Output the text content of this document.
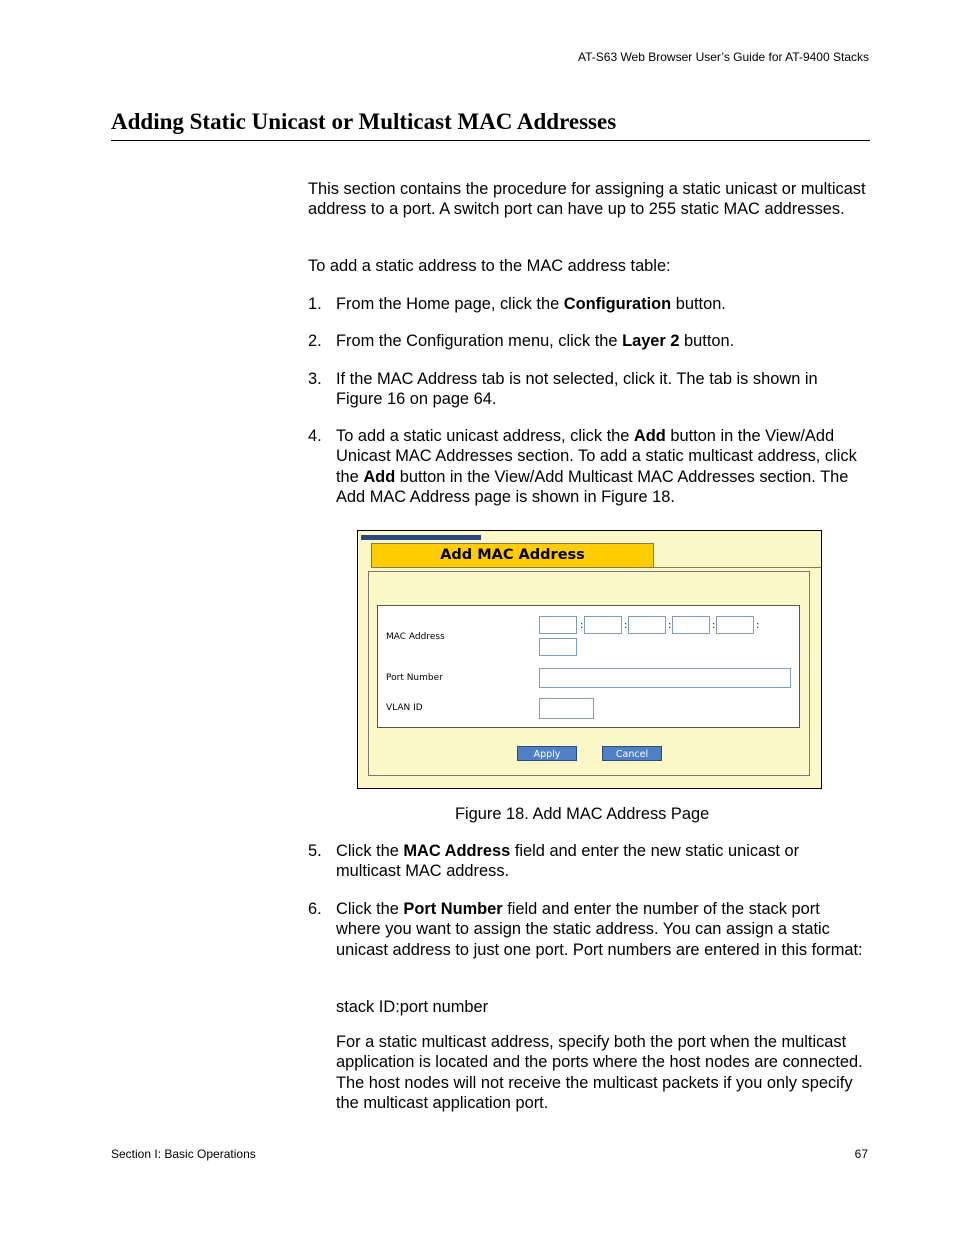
AT-S63 Web Browser User’s Guide for AT-9400 Stacks
Adding Static Unicast or Multicast MAC Addresses

This section contains the procedure for assigning a static unicast or multicast address to a port. A switch port can have up to 255 static MAC addresses.

To add a static address to the MAC address table:

1. From the Home page, click the Configuration button.
2. From the Configuration menu, click the Layer 2 button.
3. If the MAC Address tab is not selected, click it. The tab is shown in Figure 16 on page 64.
4. To add a static unicast address, click the Add button in the View/Add Unicast MAC Addresses section. To add a static multicast address, click the Add button in the View/Add Multicast MAC Addresses section. The Add MAC Address page is shown in Figure 18.
Add MAC Address
MAC Address
:	:	:	:	:
Port Number
VLAN ID
Apply	Cancel

Figure 18. Add MAC Address Page

5. Click the MAC Address field and enter the new static unicast or multicast MAC address.
6. Click the Port Number field and enter the number of the stack port where you want to assign the static address. You can assign a static unicast address to just one port. Port numbers are entered in this format:

stack ID:port number

For a static multicast address, specify both the port when the multicast application is located and the ports where the host nodes are connected. The host nodes will not receive the multicast packets if you only specify the multicast application port.

Section I: Basic Operations	67
